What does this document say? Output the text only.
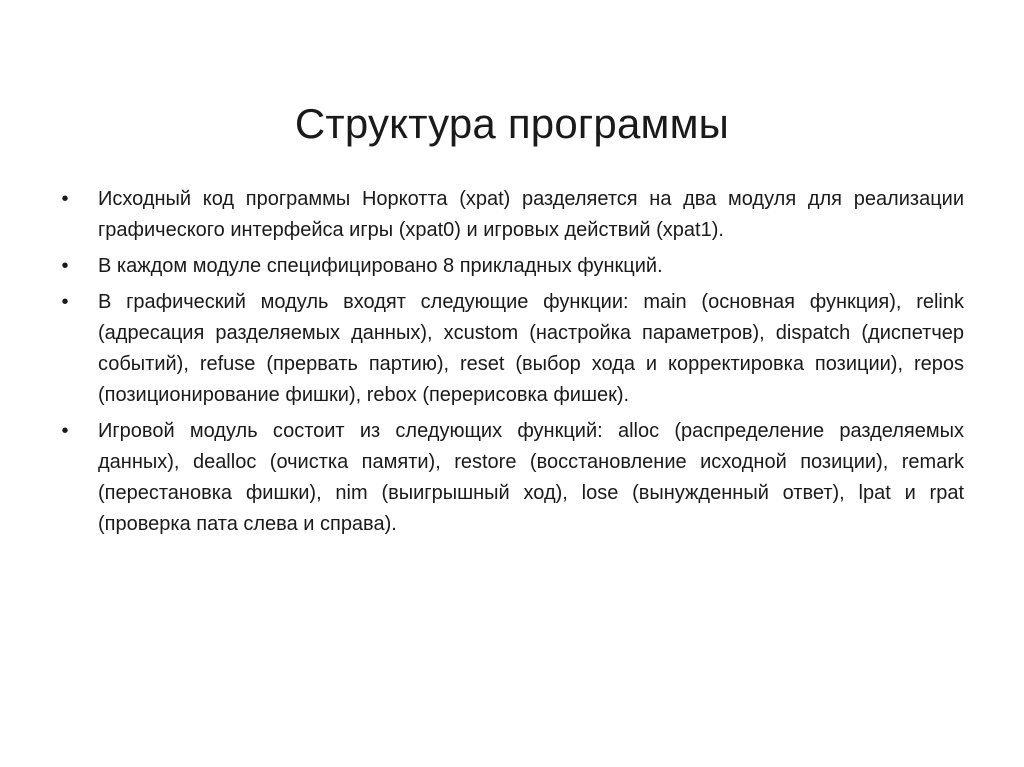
Структура программы
• Исходный код программы Норкотта (xpat) разделяется на два модуля для реализации графического интерфейса игры (xpat0) и игровых действий (xpat1).
• В каждом модуле специфицировано 8 прикладных функций.
• В графический модуль входят следующие функции: main (основная функция), relink (адресация разделяемых данных), xcustom (настройка параметров), dispatch (диспетчер событий), refuse (прервать партию), reset (выбор хода и корректировка позиции), repos (позиционирование фишки), rebox (перерисовка фишек).
• Игровой модуль состоит из следующих функций: alloc (распределение разделяемых данных), dealloc (очистка памяти), restore (восстановление исходной позиции), remark (перестановка фишки), nim (выигрышный ход), lose (вынужденный ответ), lpat и rpat (проверка пата слева и справа).
